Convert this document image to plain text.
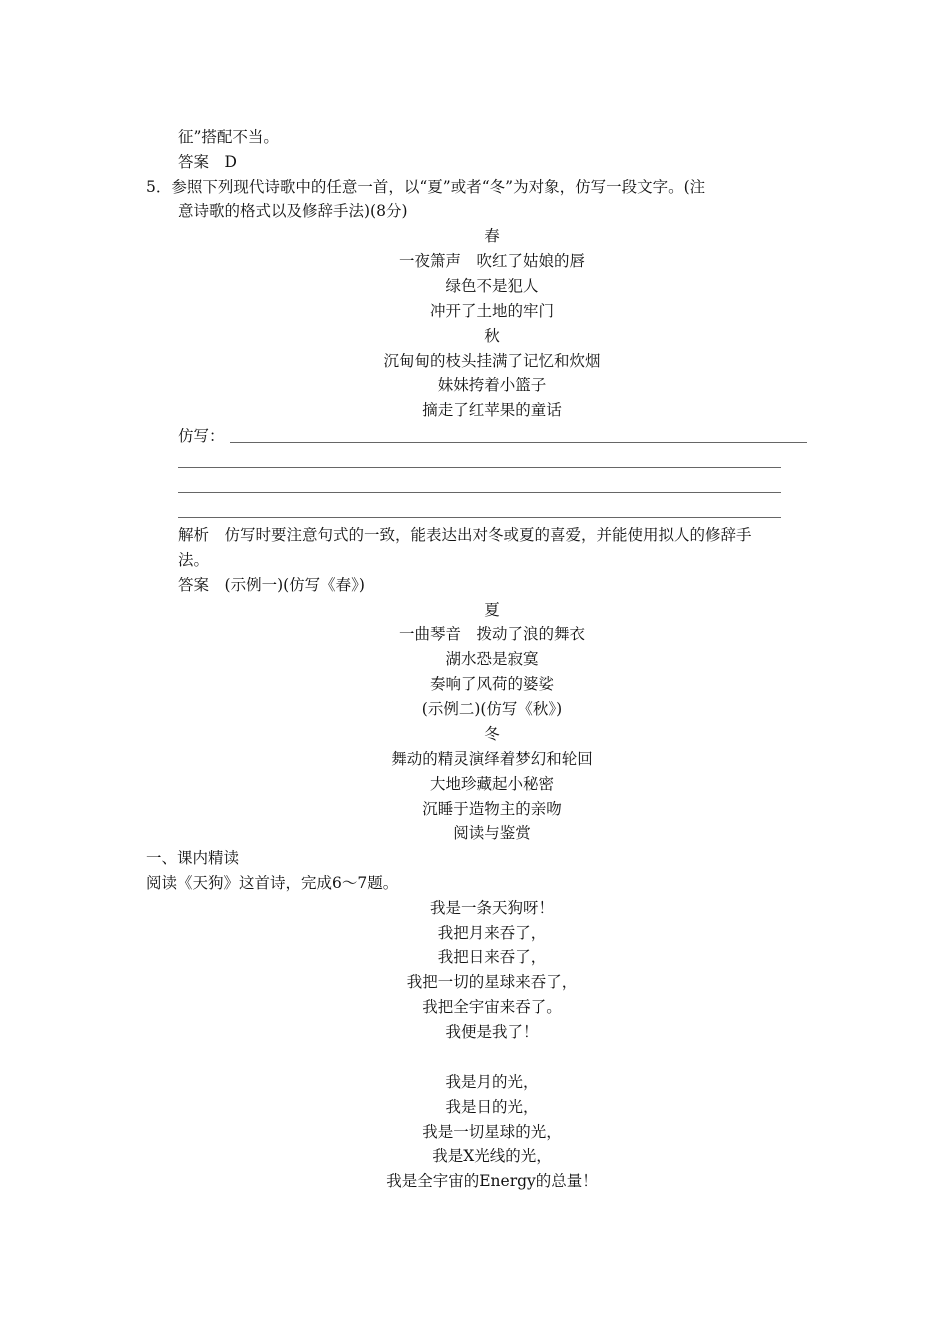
征”搭配不当。
答案 D
5．参照下列现代诗歌中的任意一首，以“夏”或者“冬”为对象，仿写一段文字。(注
意诗歌的格式以及修辞手法)(8分)
春
一夜箫声 吹红了姑娘的唇
绿色不是犯人
冲开了土地的牢门
秋
沉甸甸的枝头挂满了记忆和炊烟
妹妹挎着小篮子
摘走了红苹果的童话
仿写：
解析 仿写时要注意句式的一致，能表达出对冬或夏的喜爱，并能使用拟人的修辞手
法。
答案 (示例一)(仿写《春》)
夏
一曲琴音 拨动了浪的舞衣
湖水恐是寂寞
奏响了风荷的婆娑
(示例二)(仿写《秋》)
冬
舞动的精灵演绎着梦幻和轮回
大地珍藏起小秘密
沉睡于造物主的亲吻
阅读与鉴赏
一、课内精读
阅读《天狗》这首诗，完成6～7题。
我是一条天狗呀！
我把月来吞了，
我把日来吞了，
我把一切的星球来吞了，
我把全宇宙来吞了。
我便是我了！
我是月的光，
我是日的光，
我是一切星球的光，
我是X光线的光，
我是全宇宙的Energy的总量！
